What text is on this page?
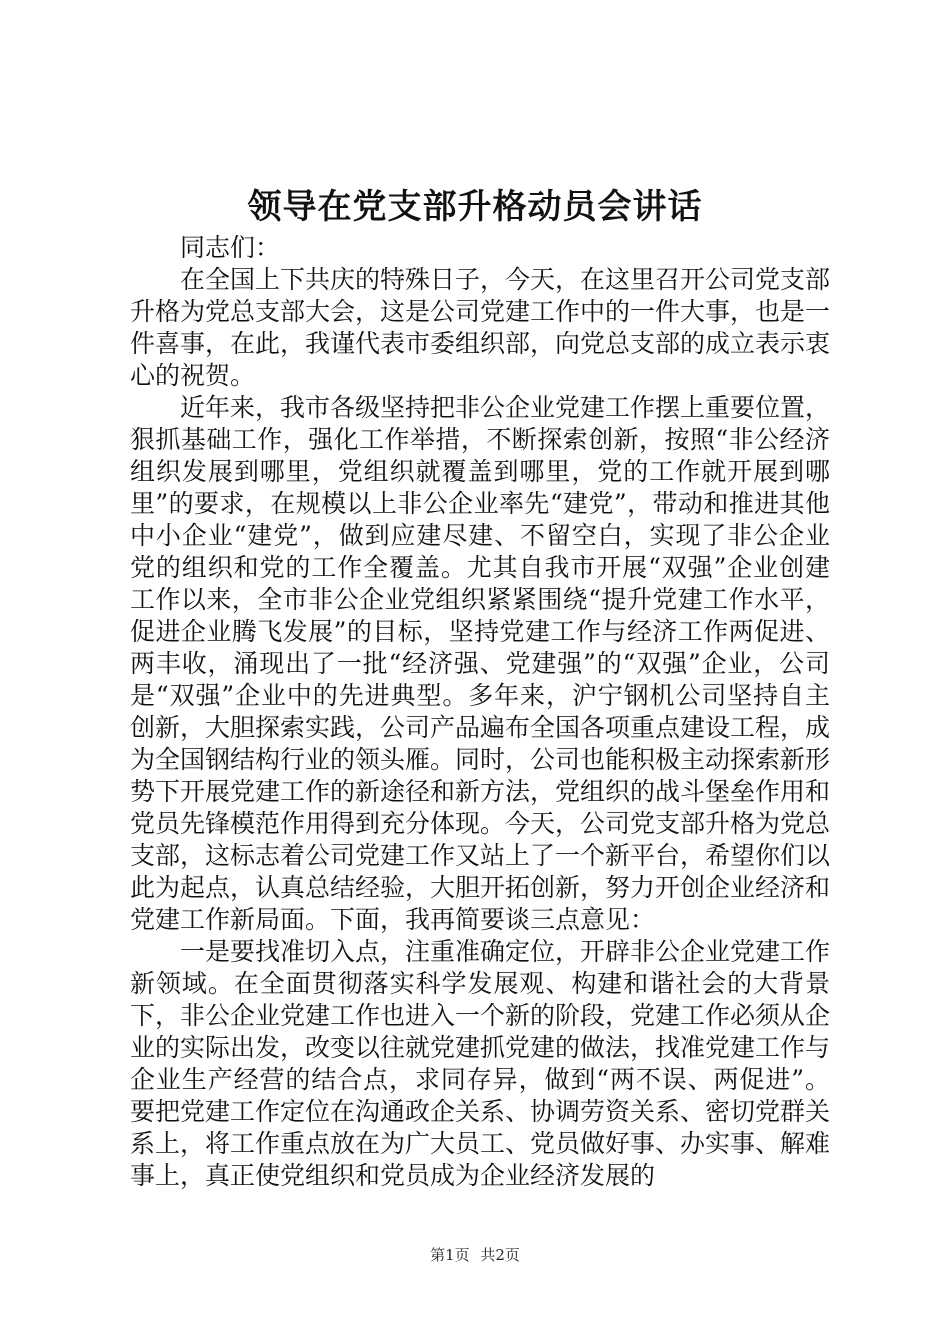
领导在党支部升格动员会讲话

同志们：

在全国上下共庆的特殊日子，今天，在这里召开公司党支部升格为党总支部大会，这是公司党建工作中的一件大事，也是一件喜事，在此，我谨代表市委组织部，向党总支部的成立表示衷心的祝贺。

近年来，我市各级坚持把非公企业党建工作摆上重要位置，狠抓基础工作，强化工作举措，不断探索创新，按照“非公经济组织发展到哪里，党组织就覆盖到哪里，党的工作就开展到哪里”的要求，在规模以上非公企业率先“建党”，带动和推进其他中小企业“建党”，做到应建尽建、不留空白，实现了非公企业党的组织和党的工作全覆盖。尤其自我市开展“双强”企业创建工作以来，全市非公企业党组织紧紧围绕“提升党建工作水平，促进企业腾飞发展”的目标，坚持党建工作与经济工作两促进、两丰收，涌现出了一批“经济强、党建强”的“双强”企业，公司是“双强”企业中的先进典型。多年来，沪宁钢机公司坚持自主创新，大胆探索实践，公司产品遍布全国各项重点建设工程，成为全国钢结构行业的领头雁。同时，公司也能积极主动探索新形势下开展党建工作的新途径和新方法，党组织的战斗堡垒作用和党员先锋模范作用得到充分体现。今天，公司党支部升格为党总支部，这标志着公司党建工作又站上了一个新平台，希望你们以此为起点，认真总结经验，大胆开拓创新，努力开创企业经济和党建工作新局面。下面，我再简要谈三点意见：

一是要找准切入点，注重准确定位，开辟非公企业党建工作新领域。在全面贯彻落实科学发展观、构建和谐社会的大背景下，非公企业党建工作也进入一个新的阶段，党建工作必须从企业的实际出发，改变以往就党建抓党建的做法，找准党建工作与企业生产经营的结合点，求同存异，做到“两不误、两促进”。要把党建工作定位在沟通政企关系、协调劳资关系、密切党群关系上，将工作重点放在为广大员工、党员做好事、办实事、解难事上，真正使党组织和党员成为企业经济发展的

第1页 共2页
